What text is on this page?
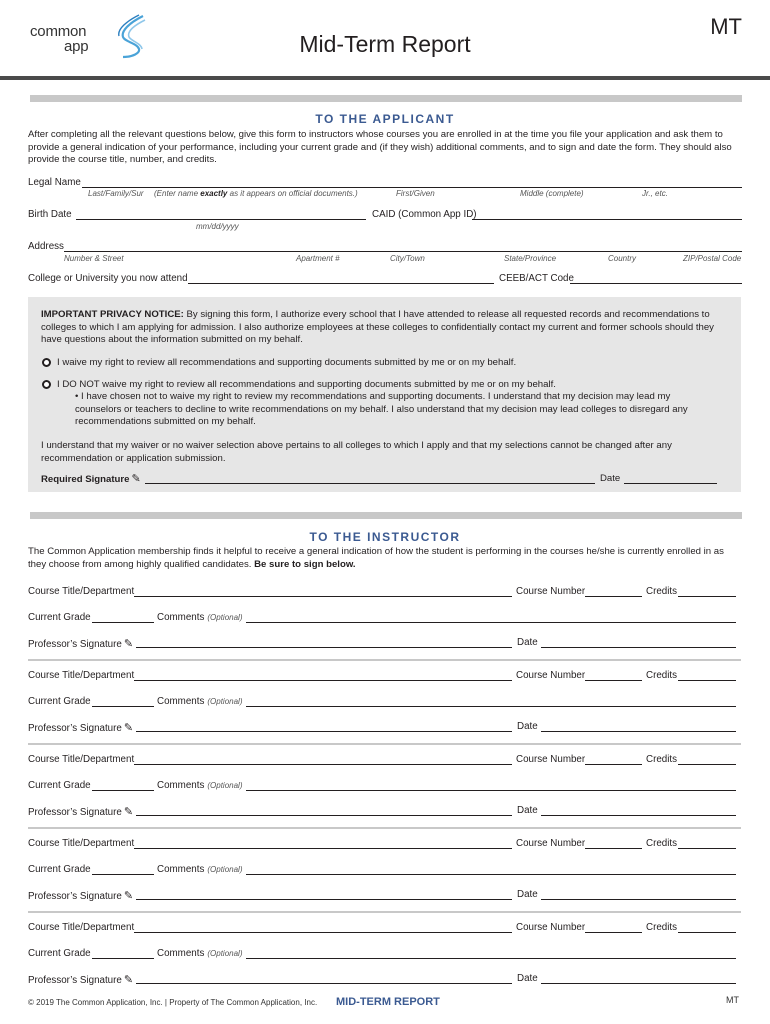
common
app	Mid-Term Report
MT
TO THE APPLICANT
After completing all the relevant questions below, give this form to instructors whose courses you are enrolled in at the time you file your application and ask them to provide a general indication of your performance, including your current grade and (if they wish) additional comments, and to sign and date the form. They should also provide the course title, number, and credits.
Legal Name
Last/Family/Sur (Enter name exactly as it appears on official documents.)	First/Given	Middle (complete)	Jr., etc.
Birth Date
mm/dd/yyyy
CAID (Common App ID)
Address
Number & Street	Apartment #	City/Town	State/Province	Country	ZIP/Postal Code
College or University you now attend	CEEB/ACT Code
IMPORTANT PRIVACY NOTICE: By signing this form, I authorize every school that I have attended to release all requested records and recommendations to colleges to which I am applying for admission. I also authorize employees at these colleges to confidentially contact my current and former schools should they have questions about the information submitted on my behalf.
I waive my right to review all recommendations and supporting documents submitted by me or on my behalf.
I DO NOT waive my right to review all recommendations and supporting documents submitted by me or on my behalf.
• I have chosen not to waive my right to review my recommendations and supporting documents. I understand that my decision may lead my counselors or teachers to decline to write recommendations on my behalf. I also understand that my decision may lead colleges to disregard any recommendations submitted on my behalf.
I understand that my waiver or no waiver selection above pertains to all colleges to which I apply and that my selections cannot be changed after any recommendation or application submission.
Required Signature ✎	Date
TO THE INSTRUCTOR
The Common Application membership finds it helpful to receive a general indication of how the student is performing in the courses he/she is currently enrolled in as they choose from among highly qualified candidates. Be sure to sign below.
Course Title/Department	Course Number	Credits
Current Grade	Comments (Optional)
Professor’s Signature ✎	Date
Course Title/Department	Course Number	Credits
Current Grade	Comments (Optional)
Professor’s Signature ✎	Date
Course Title/Department	Course Number	Credits
Current Grade	Comments (Optional)
Professor’s Signature ✎	Date
Course Title/Department	Course Number	Credits
Current Grade	Comments (Optional)
Professor’s Signature ✎	Date
Course Title/Department	Course Number	Credits
Current Grade	Comments (Optional)
Professor’s Signature ✎	Date
© 2019 The Common Application, Inc. | Property of The Common Application, Inc. MID-TERM REPORT	MT
